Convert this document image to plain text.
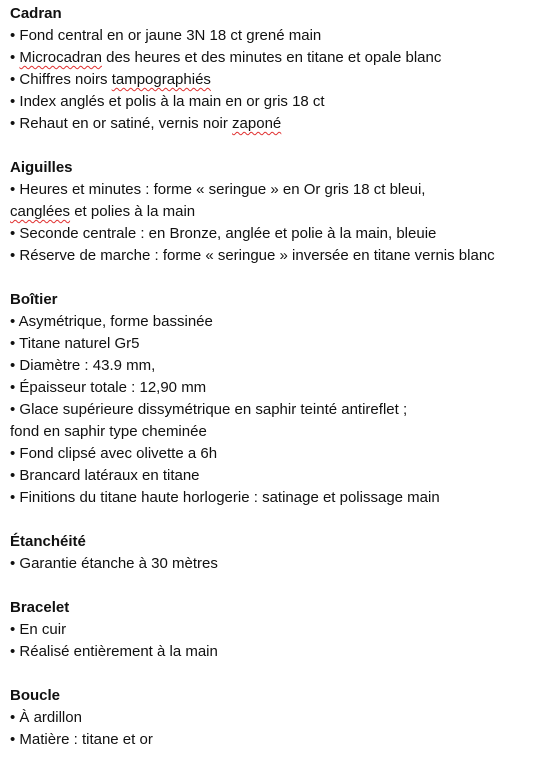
Cadran
• Fond central en or jaune 3N 18 ct grené main
• Microcadran des heures et des minutes en titane et opale blanc
• Chiffres noirs tampographiés
• Index anglés et polis à la main en or gris 18 ct
• Rehaut en or satiné, vernis noir zaponé
Aiguilles
• Heures et minutes : forme « seringue » en Or gris 18 ct bleui,
canglées et polies à la main
• Seconde centrale : en Bronze, anglée et polie à la main, bleuie
• Réserve de marche : forme « seringue » inversée en titane vernis blanc
Boîtier
• Asymétrique, forme bassinée
• Titane naturel Gr5
• Diamètre : 43.9 mm,
• Épaisseur totale : 12,90 mm
• Glace supérieure dissymétrique en saphir teinté antireflet ;
fond en saphir type cheminée
• Fond clipsé avec olivette a 6h
• Brancard latéraux en titane
• Finitions du titane haute horlogerie : satinage et polissage main
Étanchéité
• Garantie étanche à 30 mètres
Bracelet
• En cuir
• Réalisé entièrement à la main
Boucle
• À ardillon
• Matière : titane et or
